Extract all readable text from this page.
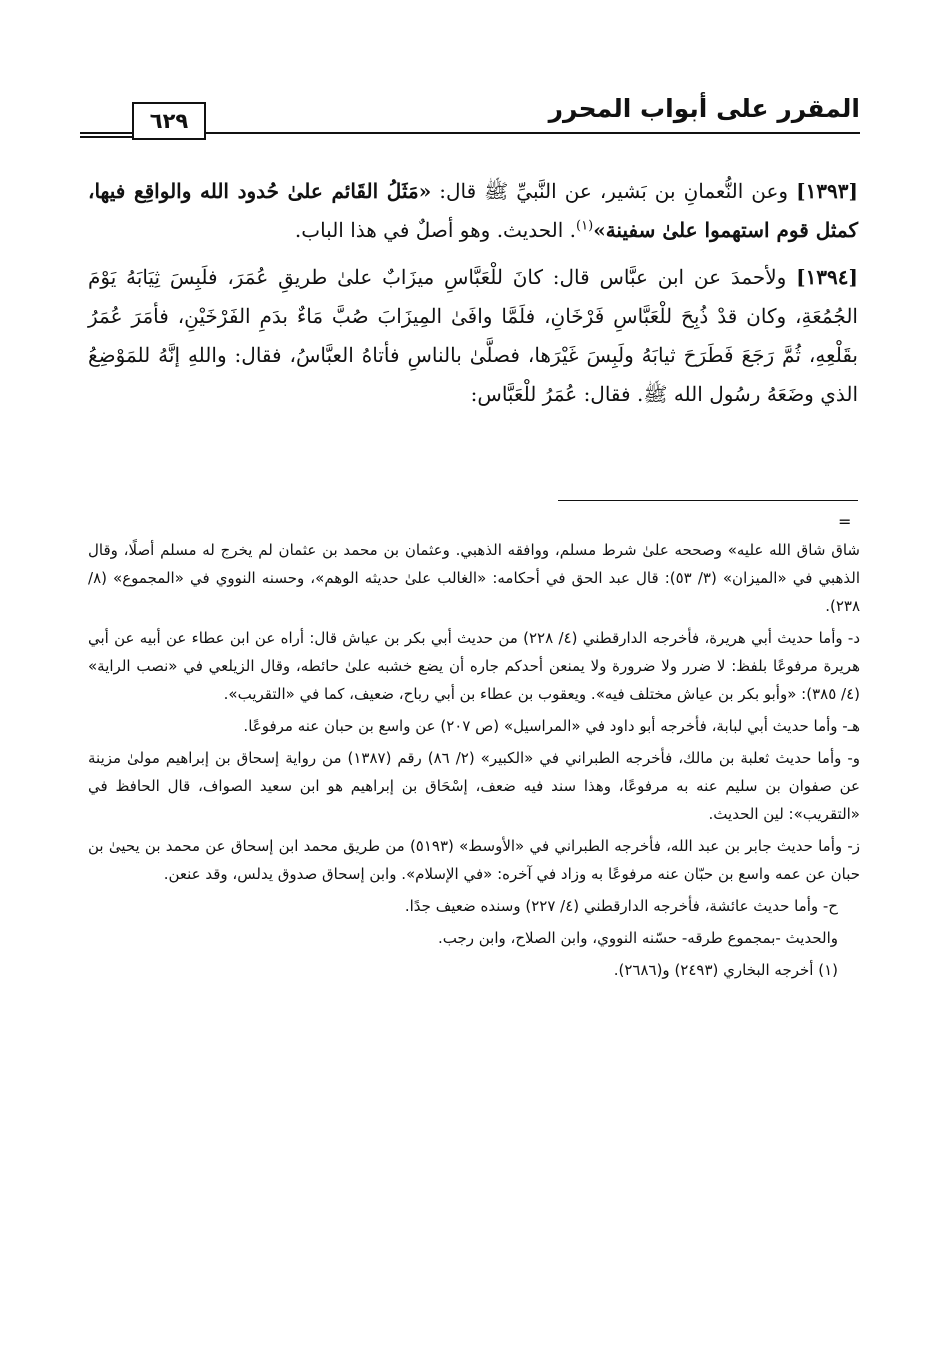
المقرر على أبواب المحرر
٦٢٩

[١٣٩٣] وعن النُّعمانِ بن بَشير، عن النَّبيِّ ﷺ قال: «مَثَلُ القَائم علىٰ حُدود الله والواقِع فيها، كمثل قوم استهموا علىٰ سفينة»$^{(١)}$. الحديث. وهو أصلٌ في هذا الباب.

[١٣٩٤] ولأحمدَ عن ابن عبَّاس قال: كانَ للْعَبَّاسِ ميزَابٌ علىٰ طريقِ عُمَرَ، فلَبِسَ ثِيَابَهُ يَوْمَ الجُمُعَةِ، وكان قدْ ذُبِحَ للْعَبَّاسِ فَرْخَانِ، فلَمَّا وافَىٰ المِيزَابَ صُبَّ مَاءٌ بدَمِ الفَرْخَيْنِ، فأمَرَ عُمَرُ بقَلْعِهِ، ثُمَّ رَجَعَ فَطَرَحَ ثيابَهُ ولَبِسَ غَيْرَها، فصلَّىٰ بالناسِ فأتاهُ العبَّاسُ، فقال: واللهِ إنَّهُ للمَوْضِعُ الذي وضَعَهُ رسُول الله ﷺ. فقال: عُمَرُ للْعَبَّاس:

=

شاق شاق الله عليه» وصححه علىٰ شرط مسلم، ووافقه الذهبي. وعثمان بن محمد بن عثمان لم يخرج له مسلم أصلًا، وقال الذهبي في «الميزان» (٣/ ٥٣): قال عبد الحق في أحكامه: «الغالب علىٰ حديثه الوهم»، وحسنه النووي في «المجموع» (٨/ ٢٣٨).

د- وأما حديث أبي هريرة، فأخرجه الدارقطني (٤/ ٢٢٨) من حديث أبي بكر بن عياش قال: أراه عن ابن عطاء عن أبيه عن أبي هريرة مرفوعًا بلفظ: لا ضرر ولا ضرورة ولا يمنعن أحدكم جاره أن يضع خشبه علىٰ حائطه، وقال الزيلعي في «نصب الراية» (٤/ ٣٨٥): «وأبو بكر بن عياش مختلف فيه». ويعقوب بن عطاء بن أبي رباح، ضعيف، كما في «التقريب».

هـ- وأما حديث أبي لبابة، فأخرجه أبو داود في «المراسيل» (ص ٢٠٧) عن واسع بن حبان عنه مرفوعًا.

و- وأما حديث ثعلبة بن مالك، فأخرجه الطبراني في «الكبير» (٢/ ٨٦) رقم (١٣٨٧) من رواية إسحاق بن إبراهيم مولىٰ مزينة عن صفوان بن سليم عنه به مرفوعًا، وهذا سند فيه ضعف، إسْحَاق بن إبراهيم هو ابن سعيد الصواف، قال الحافظ في «التقريب»: لين الحديث.

ز- وأما حديث جابر بن عبد الله، فأخرجه الطبراني في «الأوسط» (٥١٩٣) من طريق محمد ابن إسحاق عن محمد بن يحيىٰ بن حبان عن عمه واسع بن حبّان عنه مرفوعًا به وزاد في آخره: «في الإسلام». وابن إسحاق صدوق يدلس، وقد عنعن.

ح- وأما حديث عائشة، فأخرجه الدارقطني (٤/ ٢٢٧) وسنده ضعيف جدًا.

والحديث -بمجموع طرقه- حسّنه النووي، وابن الصلاح، وابن رجب.

(١) أخرجه البخاري (٢٤٩٣) و(٢٦٨٦).
